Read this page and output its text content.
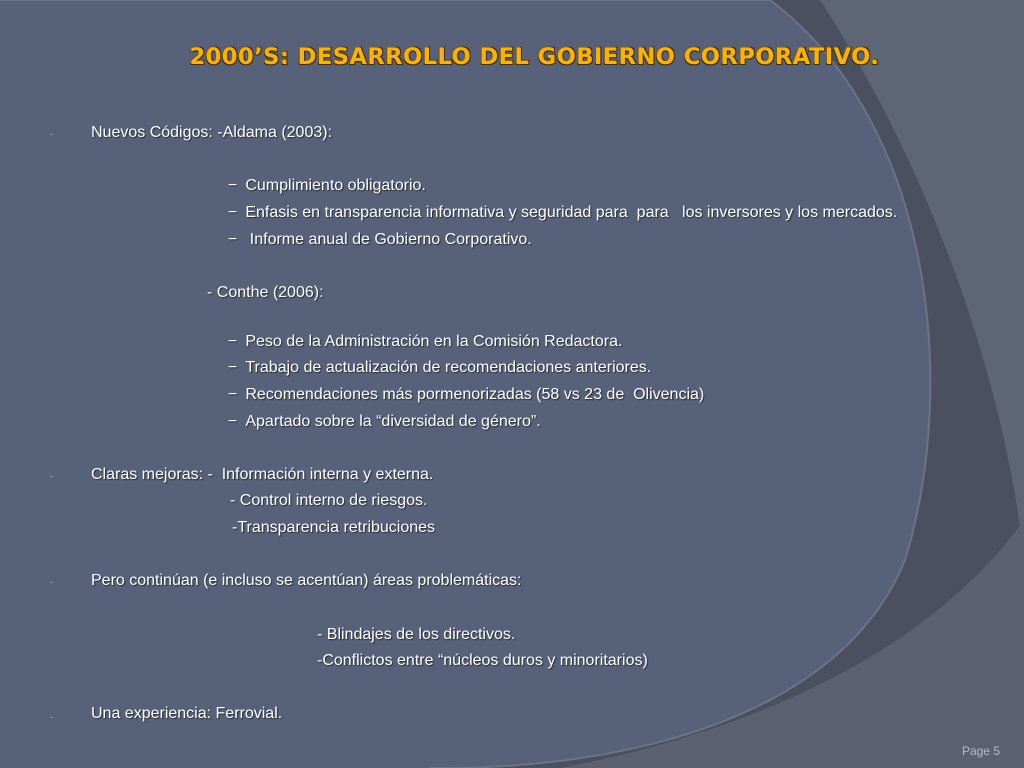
2000’S: DESARROLLO DEL GOBIERNO CORPORATIVO.
- Nuevos Códigos: -Aldama (2003):
− Cumplimiento obligatorio.
− Enfasis en transparencia informativa y seguridad para  para   los inversores y los mercados.
− Informe anual de Gobierno Corporativo.
- Conthe (2006):
− Peso de la Administración en la Comisión Redactora.
− Trabajo de actualización de recomendaciones anteriores.
− Recomendaciones más pormenorizadas (58 vs 23 de  Olivencia)
− Apartado sobre la “diversidad de género”.
- Claras mejoras: -  Información interna y externa.
- Control interno de riesgos.
-Transparencia retribuciones
- Pero continúan (e incluso se acentúan) áreas problemáticas:
- Blindajes de los directivos.
-Conflictos entre “núcleos duros y minoritarios)
- Una experiencia: Ferrovial.
Page 5
